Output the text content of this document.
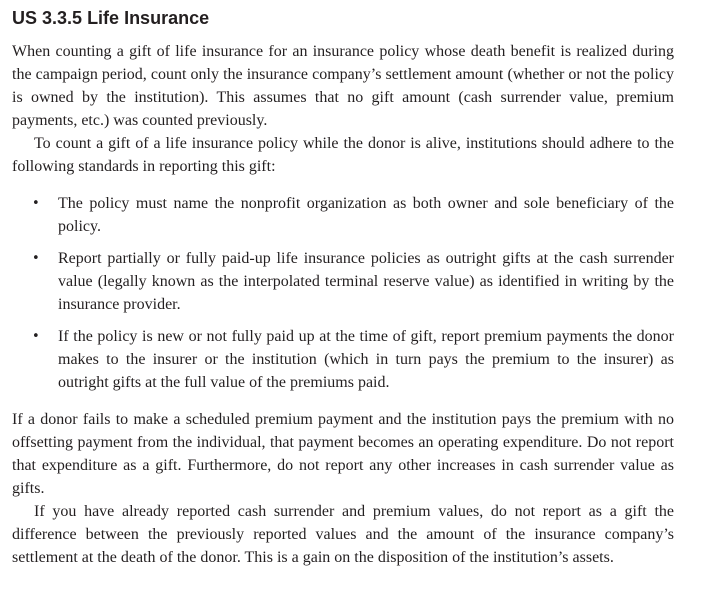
US 3.3.5 Life Insurance

When counting a gift of life insurance for an insurance policy whose death benefit is realized during the campaign period, count only the insurance company’s settlement amount (whether or not the policy is owned by the institution). This assumes that no gift amount (cash surrender value, premium payments, etc.) was counted previously.

To count a gift of a life insurance policy while the donor is alive, institutions should adhere to the following standards in reporting this gift:

• The policy must name the nonprofit organization as both owner and sole beneficiary of the policy.
• Report partially or fully paid-up life insurance policies as outright gifts at the cash surrender value (legally known as the interpolated terminal reserve value) as identified in writing by the insurance provider.
• If the policy is new or not fully paid up at the time of gift, report premium payments the donor makes to the insurer or the institution (which in turn pays the premium to the insurer) as outright gifts at the full value of the premiums paid.

If a donor fails to make a scheduled premium payment and the institution pays the premium with no offsetting payment from the individual, that payment becomes an operating expenditure. Do not report that expenditure as a gift. Furthermore, do not report any other increases in cash surrender value as gifts.

If you have already reported cash surrender and premium values, do not report as a gift the difference between the previously reported values and the amount of the insurance company’s settlement at the death of the donor. This is a gain on the disposition of the institution’s assets.
